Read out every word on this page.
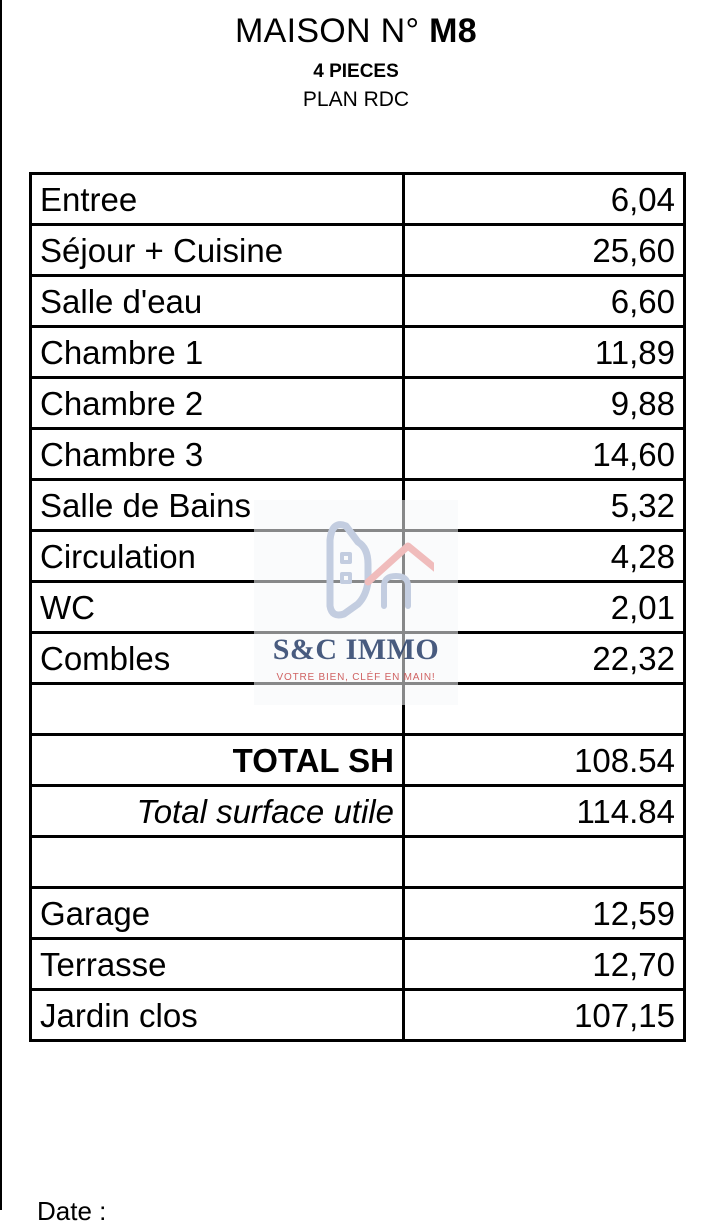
MAISON N° M8
4 PIECES
PLAN RDC
Entree	6,04
Séjour + Cuisine	25,60
Salle d'eau	6,60
Chambre 1	11,89
Chambre 2	9,88
Chambre 3	14,60
Salle de Bains	5,32
Circulation	4,28
WC	2,01
Combles	22,32

TOTAL SH	108.54
Total surface utile	114.84

Garage	12,59
Terrasse	12,70
Jardin clos	107,15
S&C IMMO
VOTRE BIEN, CLÉF EN MAIN!
Date :
